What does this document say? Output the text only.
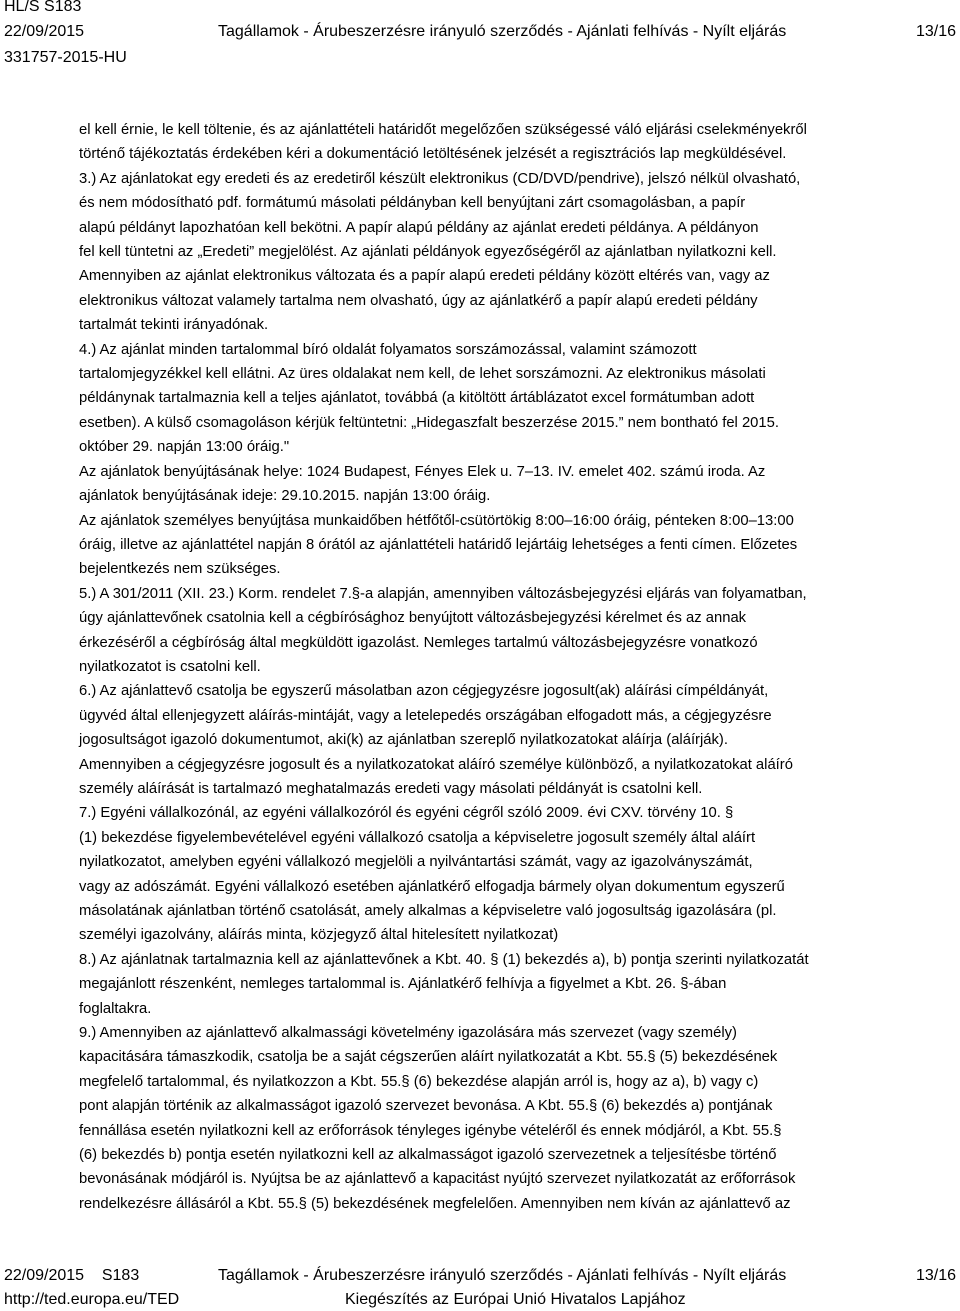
HL/S S183
22/09/2015	Tagállamok - Árubeszerzésre irányuló szerződés - Ajánlati felhívás - Nyílt eljárás	13/16
331757-2015-HU

el kell érnie, le kell töltenie, és az ajánlattételi határidőt megelőzően szükségessé váló eljárási cselekményekről

történő tájékoztatás érdekében kéri a dokumentáció letöltésének jelzését a regisztrációs lap megküldésével.

3.) Az ajánlatokat egy eredeti és az eredetiről készült elektronikus (CD/DVD/pendrive), jelszó nélkül olvasható,

és nem módosítható pdf. formátumú másolati példányban kell benyújtani zárt csomagolásban, a papír

alapú példányt lapozhatóan kell bekötni. A papír alapú példány az ajánlat eredeti példánya. A példányon

fel kell tüntetni az „Eredeti” megjelölést. Az ajánlati példányok egyezőségéről az ajánlatban nyilatkozni kell.

Amennyiben az ajánlat elektronikus változata és a papír alapú eredeti példány között eltérés van, vagy az

elektronikus változat valamely tartalma nem olvasható, úgy az ajánlatkérő a papír alapú eredeti példány

tartalmát tekinti irányadónak.

4.) Az ajánlat minden tartalommal bíró oldalát folyamatos sorszámozással, valamint számozott

tartalomjegyzékkel kell ellátni. Az üres oldalakat nem kell, de lehet sorszámozni. Az elektronikus másolati

példánynak tartalmaznia kell a teljes ajánlatot, továbbá (a kitöltött ártáblázatot excel formátumban adott

esetben). A külső csomagoláson kérjük feltüntetni: „Hidegaszfalt beszerzése 2015.” nem bontható fel 2015.

október 29. napján 13:00 óráig."

Az ajánlatok benyújtásának helye: 1024 Budapest, Fényes Elek u. 7–13. IV. emelet 402. számú iroda. Az

ajánlatok benyújtásának ideje: 29.10.2015. napján 13:00 óráig.

Az ajánlatok személyes benyújtása munkaidőben hétfőtől-csütörtökig 8:00–16:00 óráig, pénteken 8:00–13:00

óráig, illetve az ajánlattétel napján 8 órától az ajánlattételi határidő lejártáig lehetséges a fenti címen. Előzetes

bejelentkezés nem szükséges.

5.) A 301/2011 (XII. 23.) Korm. rendelet 7.§-a alapján, amennyiben változásbejegyzési eljárás van folyamatban,

úgy ajánlattevőnek csatolnia kell a cégbírósághoz benyújtott változásbejegyzési kérelmet és az annak

érkezéséről a cégbíróság által megküldött igazolást. Nemleges tartalmú változásbejegyzésre vonatkozó

nyilatkozatot is csatolni kell.

6.) Az ajánlattevő csatolja be egyszerű másolatban azon cégjegyzésre jogosult(ak) aláírási címpéldányát,

ügyvéd által ellenjegyzett aláírás-mintáját, vagy a letelepedés országában elfogadott más, a cégjegyzésre

jogosultságot igazoló dokumentumot, aki(k) az ajánlatban szereplő nyilatkozatokat aláírja (aláírják).

Amennyiben a cégjegyzésre jogosult és a nyilatkozatokat aláíró személye különböző, a nyilatkozatokat aláíró

személy aláírását is tartalmazó meghatalmazás eredeti vagy másolati példányát is csatolni kell.

7.) Egyéni vállalkozónál, az egyéni vállalkozóról és egyéni cégről szóló 2009. évi CXV. törvény 10. §

(1) bekezdése figyelembevételével egyéni vállalkozó csatolja a képviseletre jogosult személy által aláírt

nyilatkozatot, amelyben egyéni vállalkozó megjelöli a nyilvántartási számát, vagy az igazolványszámát,

vagy az adószámát. Egyéni vállalkozó esetében ajánlatkérő elfogadja bármely olyan dokumentum egyszerű

másolatának ajánlatban történő csatolását, amely alkalmas a képviseletre való jogosultság igazolására (pl.

személyi igazolvány, aláírás minta, közjegyző által hitelesített nyilatkozat)

8.) Az ajánlatnak tartalmaznia kell az ajánlattevőnek a Kbt. 40. § (1) bekezdés a), b) pontja szerinti nyilatkozatát

megajánlott részenként, nemleges tartalommal is. Ajánlatkérő felhívja a figyelmet a Kbt. 26. §-ában

foglaltakra.

9.) Amennyiben az ajánlattevő alkalmassági követelmény igazolására más szervezet (vagy személy)

kapacitására támaszkodik, csatolja be a saját cégszerűen aláírt nyilatkozatát a Kbt. 55.§ (5) bekezdésének

megfelelő tartalommal, és nyilatkozzon a Kbt. 55.§ (6) bekezdése alapján arról is, hogy az a), b) vagy c)

pont alapján történik az alkalmasságot igazoló szervezet bevonása. A Kbt. 55.§ (6) bekezdés a) pontjának

fennállása esetén nyilatkozni kell az erőforrások tényleges igénybe vételéről és ennek módjáról, a Kbt. 55.§

(6) bekezdés b) pontja esetén nyilatkozni kell az alkalmasságot igazoló szervezetnek a teljesítésbe történő

bevonásának módjáról is. Nyújtsa be az ajánlattevő a kapacitást nyújtó szervezet nyilatkozatát az erőforrások

rendelkezésre állásáról a Kbt. 55.§ (5) bekezdésének megfelelően. Amennyiben nem kíván az ajánlattevő az

22/09/2015 S183	Tagállamok - Árubeszerzésre irányuló szerződés - Ajánlati felhívás - Nyílt eljárás	13/16
http://ted.europa.eu/TED	Kiegészítés az Európai Unió Hivatalos Lapjához
